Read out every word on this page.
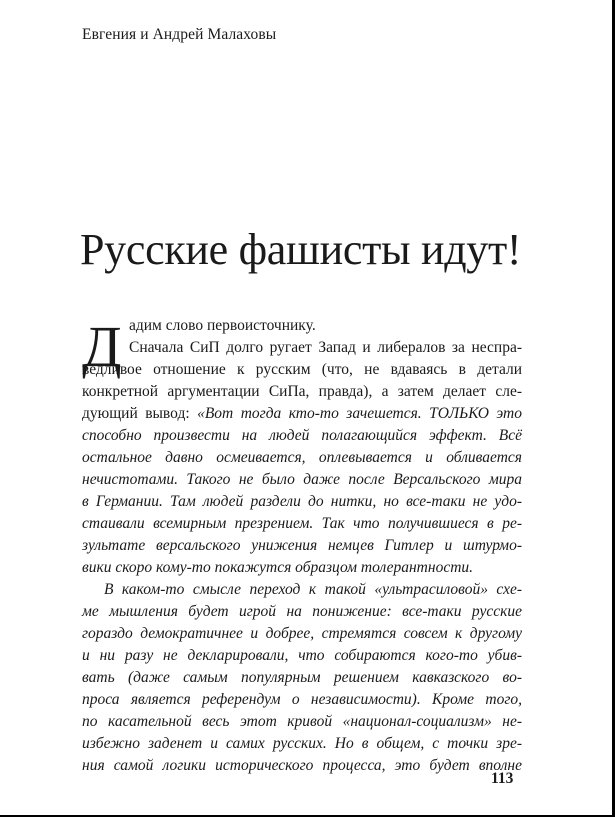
Евгения и Андрей Малаховы
Русские фашисты идут!
Д адим слово первоисточнику.
Сначала СиП долго ругает Запад и либералов за неспра-
ведливое отношение к русским (что, не вдаваясь в детали
конкретной аргументации СиПа, правда), а затем делает сле-
дующий вывод: «Вот тогда кто-то зачешется. ТОЛЬКО это
способно произвести на людей полагающийся эффект. Всё
остальное давно осмеивается, оплевывается и обливается
нечистотами. Такого не было даже после Версальского мира
в Германии. Там людей раздели до нитки, но все-таки не удо-
стаивали всемирным презрением. Так что получившиеся в ре-
зультате версальского унижения немцев Гитлер и штурмо-
вики скоро кому-то покажутся образцом толерантности.
В каком-то смысле переход к такой «ультрасиловой» схе-
ме мышления будет игрой на понижение: все-таки русские
гораздо демократичнее и добрее, стремятся совсем к другому
и ни разу не декларировали, что собираются кого-то убив-
вать (даже самым популярным решением кавказского во-
проса является референдум о независимости). Кроме того,
по касательной весь этот кривой «национал-социализм» не-
избежно заденет и самих русских. Но в общем, с точки зре-
ния самой логики исторического процесса, это будет вполне
113
